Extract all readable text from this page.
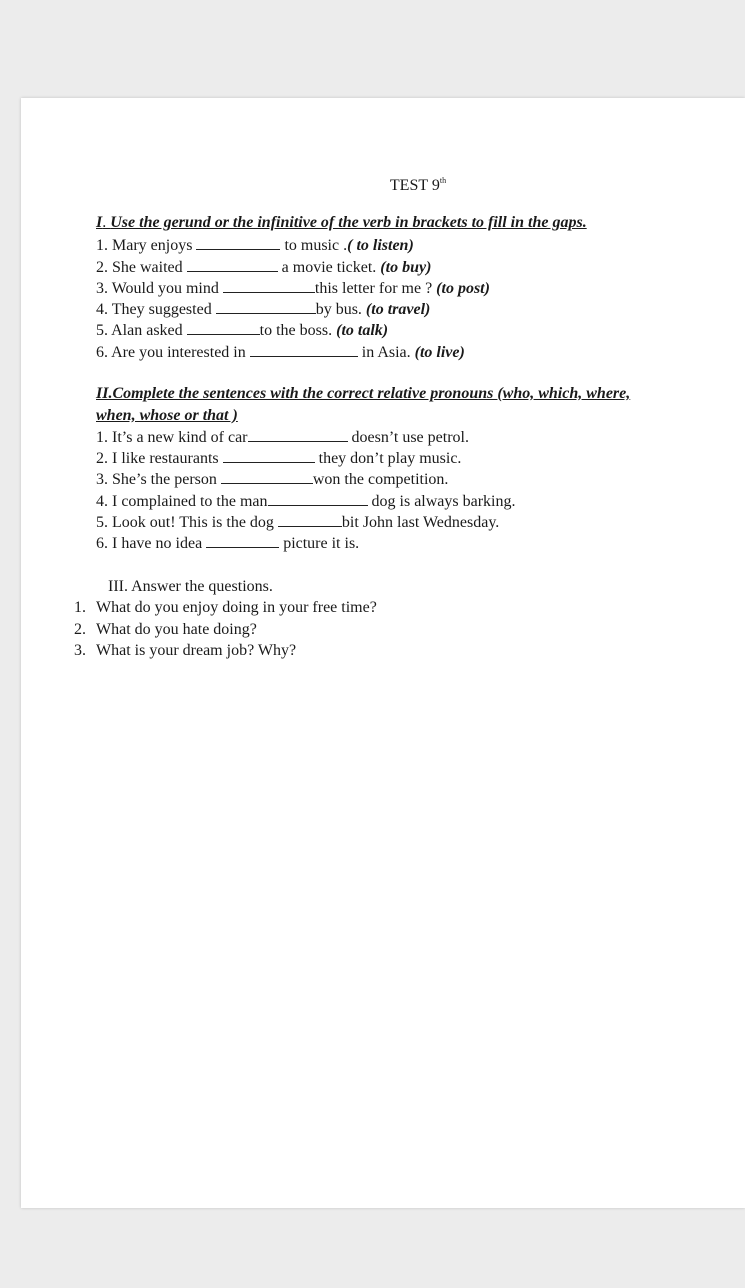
TEST 9th
I. Use the gerund or the infinitive of the verb in brackets to fill in the gaps.
1. Mary enjoys	to music .( to listen)
2. She waited	a movie ticket. (to buy)
3. Would you mind	this letter for me ? (to post)
4. They suggested	by bus. (to travel)
5. Alan asked	to the boss. (to talk)
6. Are you interested in	in Asia. (to live)
II.Complete the sentences with the correct relative pronouns (who, which, where,
when, whose or that )
1. It’s a new kind of car	doesn’t use petrol.
2. I like restaurants	they don’t play music.
3. She’s the person	won the competition.
4. I complained to the man	dog is always barking.
5. Look out! This is the dog	bit John last Wednesday.
6. I have no idea	picture it is.
III. Answer the questions.
1. What do you enjoy doing in your free time?
2. What do you hate doing?
3. What is your dream job? Why?
